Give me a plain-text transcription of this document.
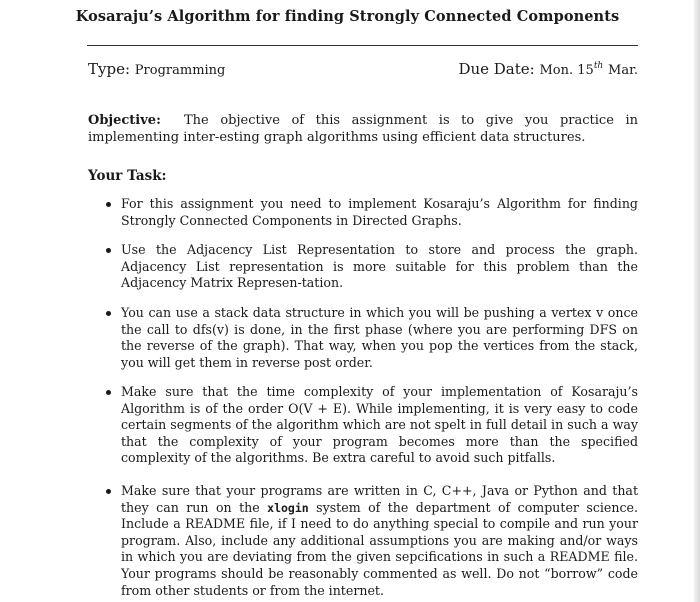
Kosaraju’s Algorithm for finding Strongly Connected Components
Type: Programming	Due Date: Mon. 15th Mar.

Objective: The objective of this assignment is to give you practice in implementing inter-esting graph algorithms using efficient data structures.

Your Task:
For this assignment you need to implement Kosaraju’s Algorithm for finding Strongly Connected Components in Directed Graphs.
Use the Adjacency List Representation to store and process the graph. Adjacency List representation is more suitable for this problem than the Adjacency Matrix Represen-tation.
You can use a stack data structure in which you will be pushing a vertex v once the call to dfs(v) is done, in the first phase (where you are performing DFS on the reverse of the graph). That way, when you pop the vertices from the stack, you will get them in reverse post order.
Make sure that the time complexity of your implementation of Kosaraju’s Algorithm is of the order O(V + E). While implementing, it is very easy to code certain segments of the algorithm which are not spelt in full detail in such a way that the complexity of your program becomes more than the specified complexity of the algorithms. Be extra careful to avoid such pitfalls.
Make sure that your programs are written in C, C++, Java or Python and that they can run on the xlogin system of the department of computer science. Include a README file, if I need to do anything special to compile and run your program. Also, include any additional assumptions you are making and/or ways in which you are deviating from the given sepcifications in such a README file. Your programs should be reasonably commented as well. Do not “borrow” code from other students or from the internet.
